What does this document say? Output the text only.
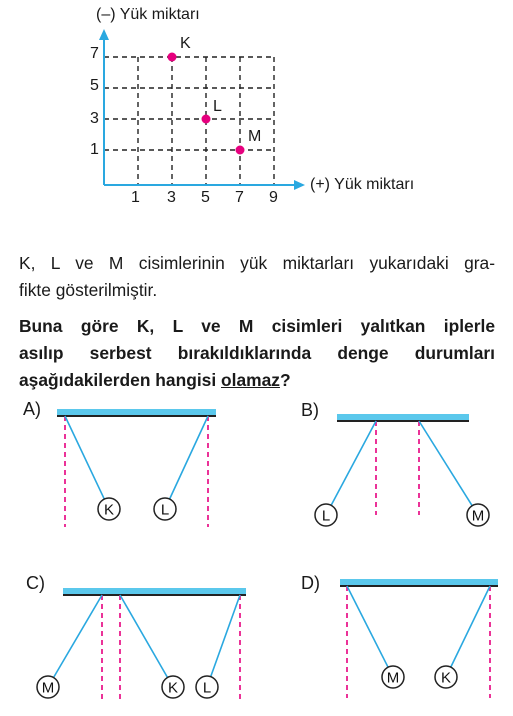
(–) Yük miktarı
(+) Yük miktarı
7
5
3
1
1 3 5 7 9
K
L
M
K, L ve M cisimlerinin yük miktarları yukarıdaki gra-
fikte gösterilmiştir.
Buna göre K, L ve M cisimleri yalıtkan iplerle
asılıp serbest bırakıldıklarında denge durumları
aşağıdakilerden hangisi olamaz?
K	L	L	M
M	K L
M	K
A)	B)
C)	D)
